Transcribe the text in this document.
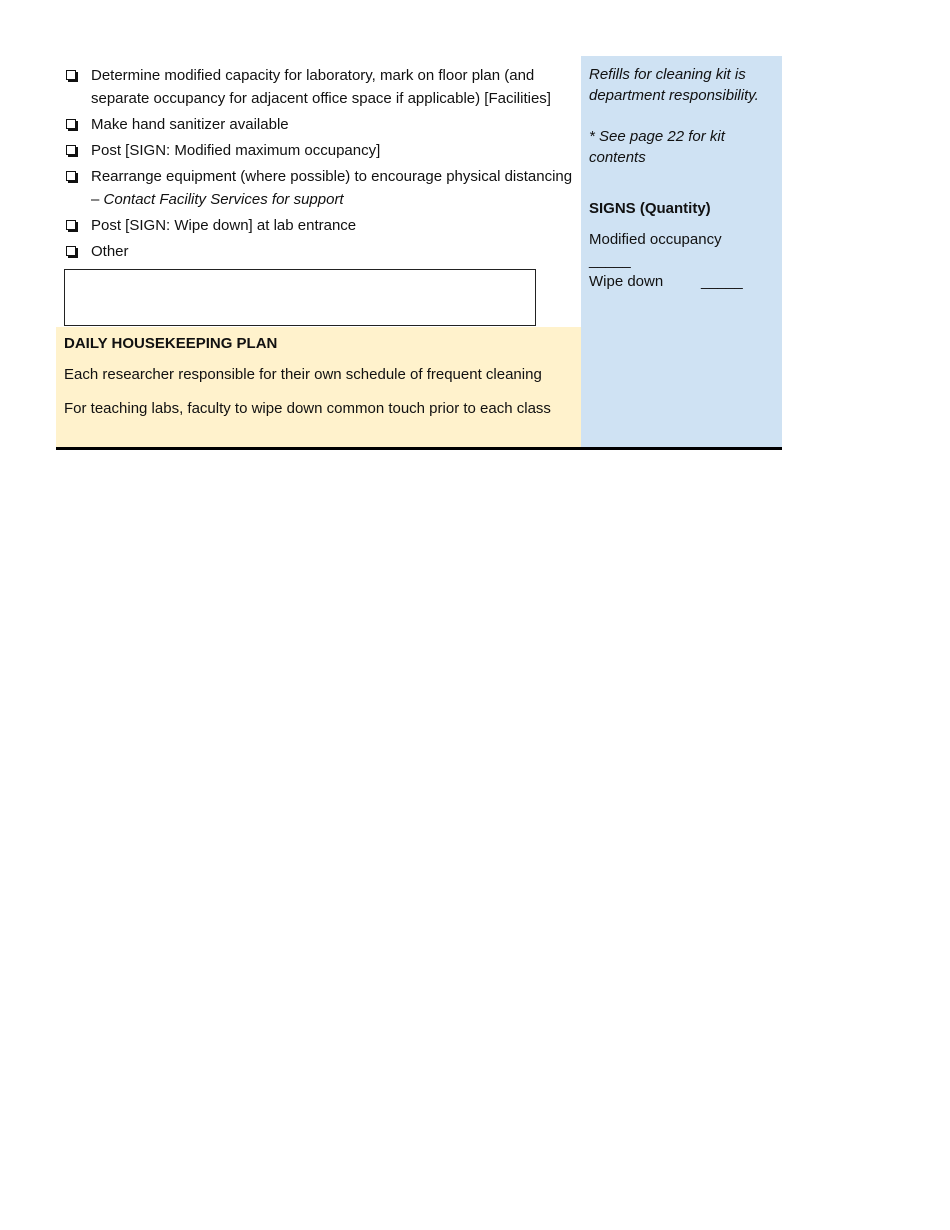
Determine modified capacity for laboratory, mark on floor plan (and separate occupancy for adjacent office space if applicable) [Facilities]
Make hand sanitizer available
Post [SIGN: Modified maximum occupancy]
Rearrange equipment (where possible) to encourage physical distancing – Contact Facility Services for support
Post [SIGN: Wipe down] at lab entrance
Other
DAILY HOUSEKEEPING PLAN
Each researcher responsible for their own schedule of frequent cleaning
For teaching labs, faculty to wipe down common touch prior to each class
Refills for cleaning kit is department responsibility.
* See page 22 for kit contents
SIGNS (Quantity)
Modified occupancy
_____
Wipe down	_____
